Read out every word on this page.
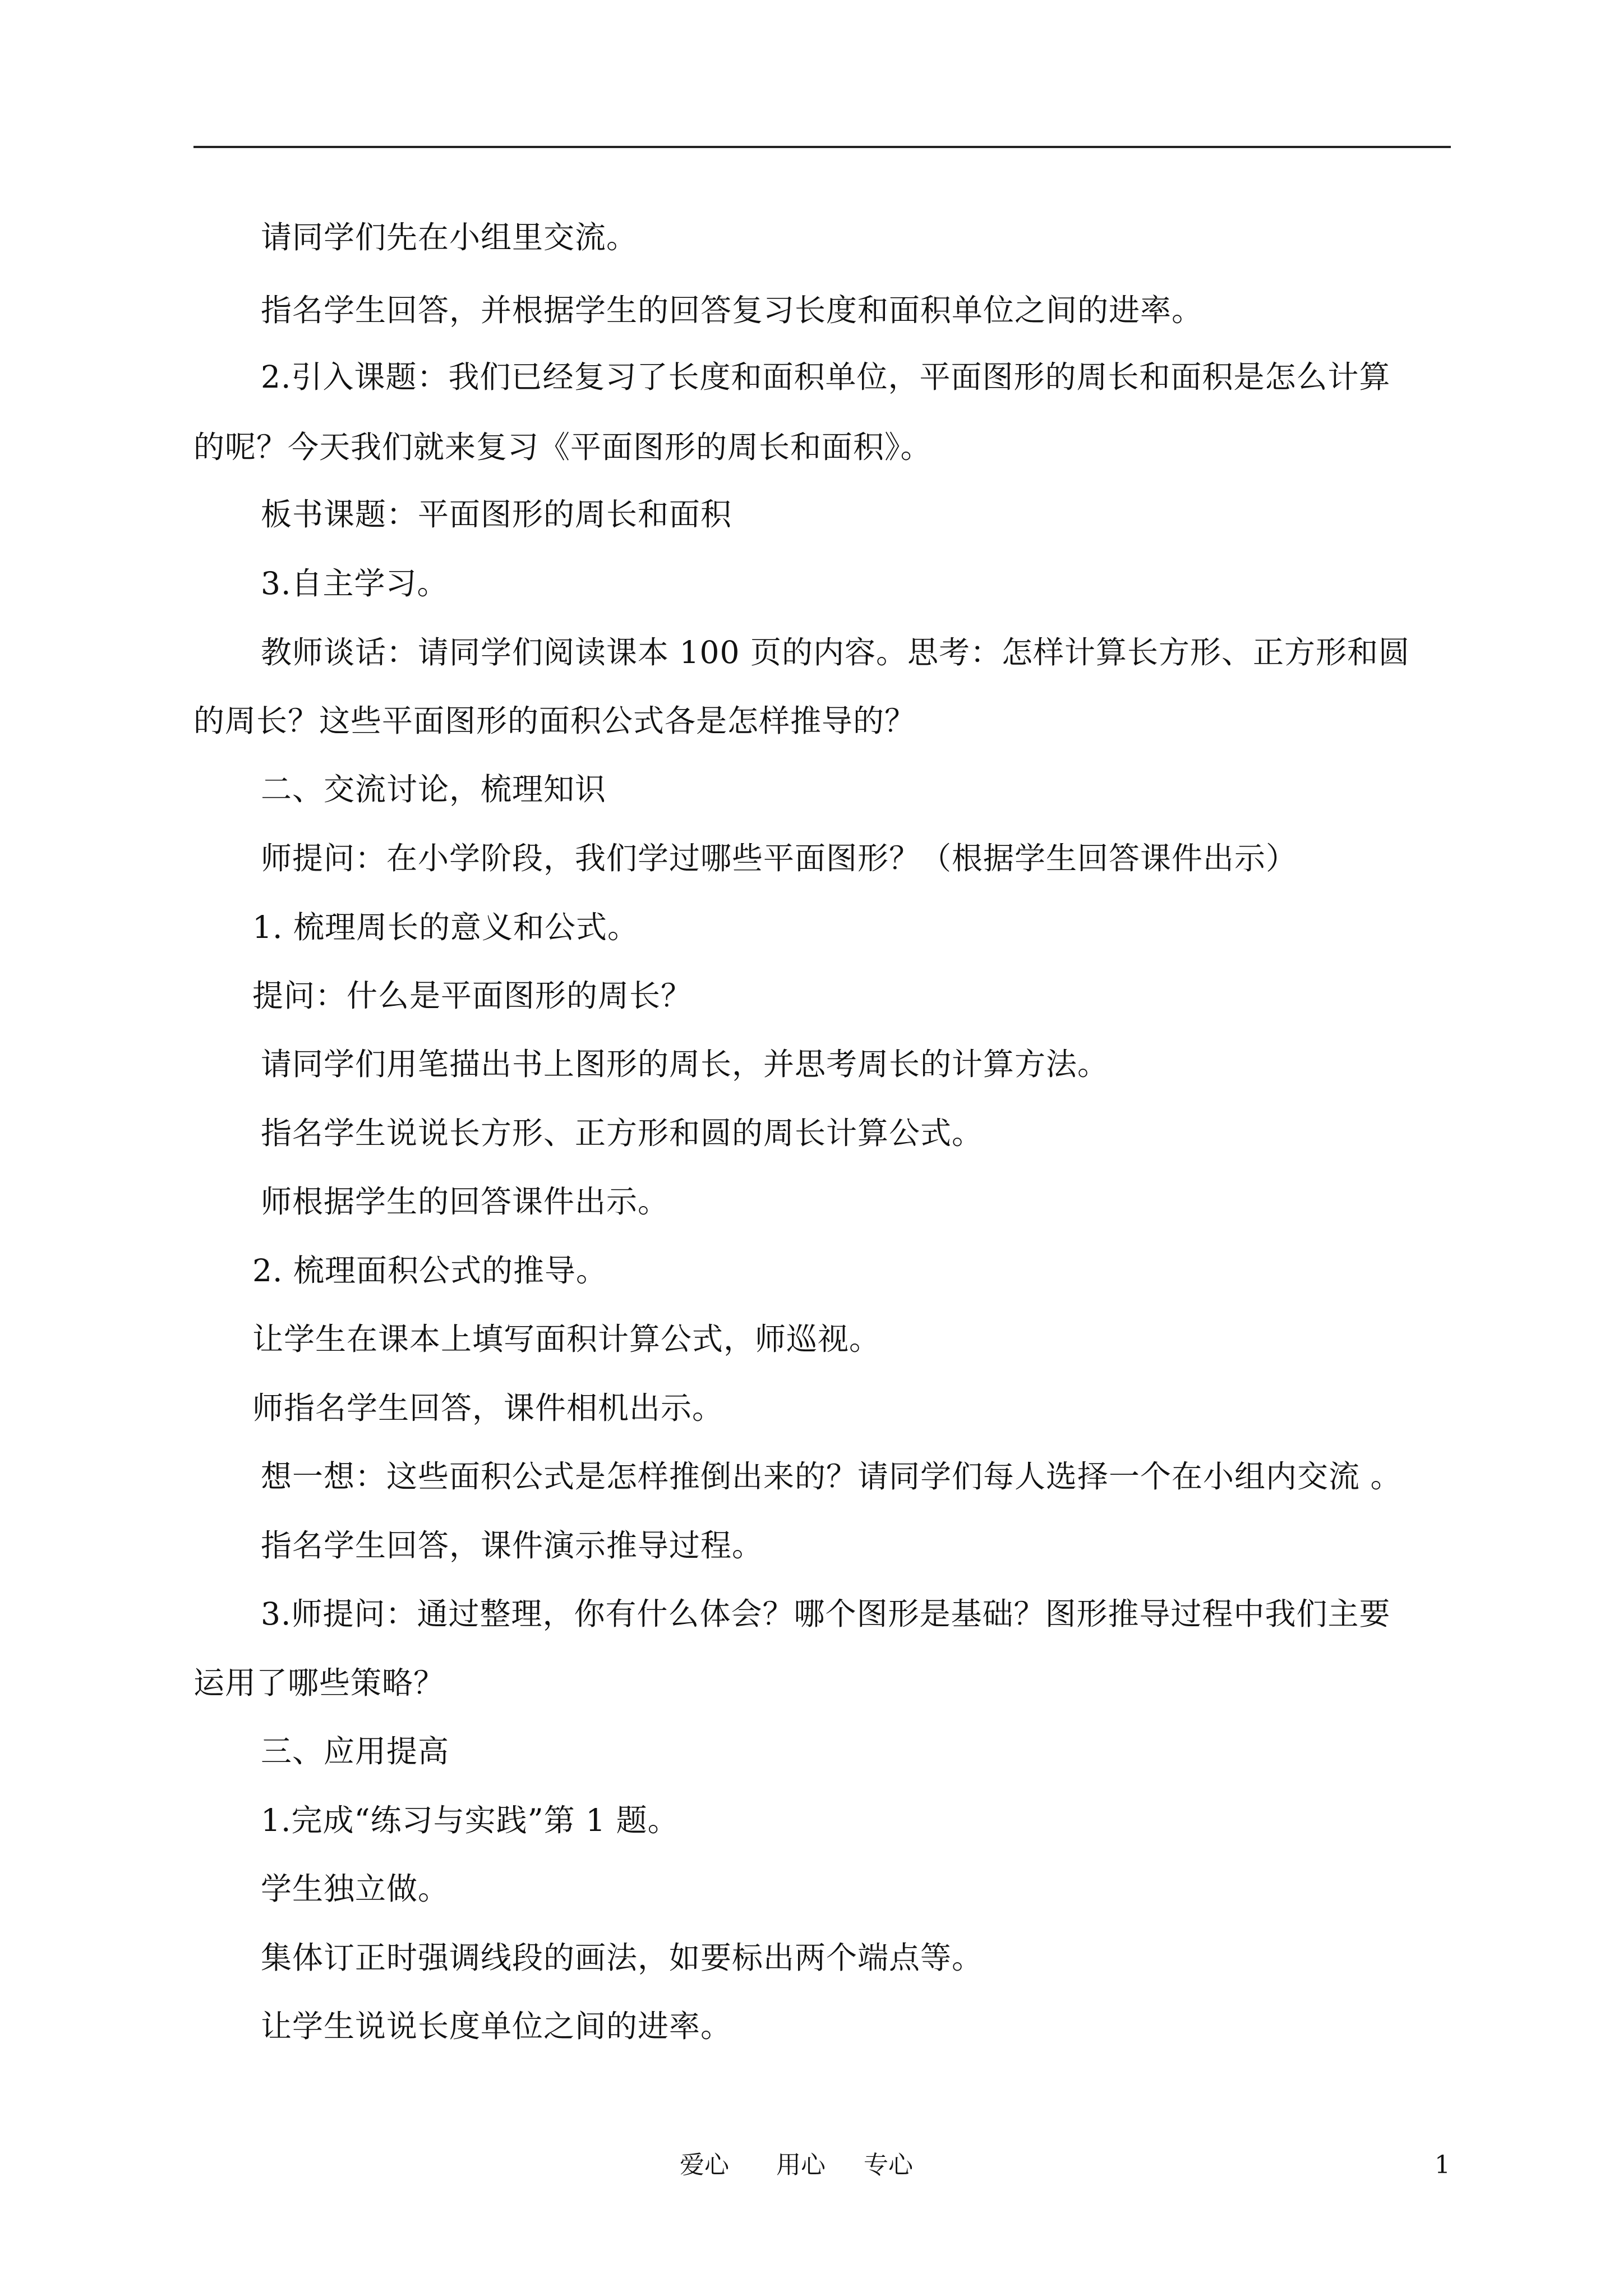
请同学们先在小组里交流。
指名学生回答，并根据学生的回答复习长度和面积单位之间的进率。
2.引入课题：我们已经复习了长度和面积单位，平面图形的周长和面积是怎么计算
的呢？今天我们就来复习《平面图形的周长和面积》。
板书课题：平面图形的周长和面积
3.自主学习。
教师谈话：请同学们阅读课本 100 页的内容。思考：怎样计算长方形、正方形和圆
的周长？这些平面图形的面积公式各是怎样推导的？
二、交流讨论，梳理知识
师提问：在小学阶段，我们学过哪些平面图形？（根据学生回答课件出示）
1. 梳理周长的意义和公式。
提问：什么是平面图形的周长？
请同学们用笔描出书上图形的周长，并思考周长的计算方法。
指名学生说说长方形、正方形和圆的周长计算公式。
师根据学生的回答课件出示。
2. 梳理面积公式的推导。
让学生在课本上填写面积计算公式，师巡视。
师指名学生回答，课件相机出示。
想一想：这些面积公式是怎样推倒出来的？请同学们每人选择一个在小组内交流 。
指名学生回答，课件演示推导过程。
3.师提问：通过整理，你有什么体会？哪个图形是基础？图形推导过程中我们主要
运用了哪些策略？
三、应用提高
1.完成“练习与实践”第 1 题。
学生独立做。
集体订正时强调线段的画法，如要标出两个端点等。
让学生说说长度单位之间的进率。
爱心 用心 专心	1
